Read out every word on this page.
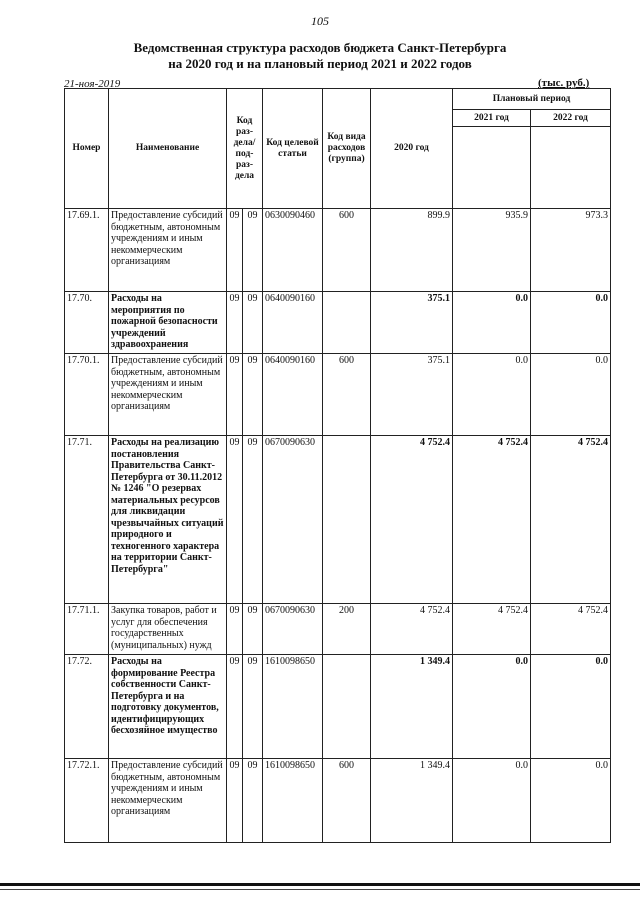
105
Ведомственная структура расходов бюджета Санкт-Петербурга
на 2020 год и на плановый период 2021 и 2022 годов
21-ноя-2019	(тыс. руб.)
Номер	Наименование	Код раз-дела/ под-раз-дела		Код целевой статьи	Код вида расходов (группа)	2020 год	Плановый период	
							2021 год	2022 год

17.69.1.	Предоставление субсидий бюджетным, автономным учреждениям и иным некоммерческим организациям	09	09	0630090460	600	899.9	935.9	973.3
17.70.	Расходы на мероприятия по пожарной безопасности учреждений здравоохранения	09	09	0640090160		375.1	0.0	0.0
17.70.1.	Предоставление субсидий бюджетным, автономным учреждениям и иным некоммерческим организациям	09	09	0640090160	600	375.1	0.0	0.0
17.71.	Расходы на реализацию постановления Правительства Санкт-Петербурга от 30.11.2012 № 1246 "О резервах материальных ресурсов для ликвидации чрезвычайных ситуаций природного и техногенного характера на территории Санкт-Петербурга"	09	09	0670090630		4 752.4	4 752.4	4 752.4
17.71.1.	Закупка товаров, работ и услуг для обеспечения государственных (муниципальных) нужд	09	09	0670090630	200	4 752.4	4 752.4	4 752.4
17.72.	Расходы на формирование Реестра собственности Санкт-Петербурга и на подготовку документов, идентифицирующих бесхозяйное имущество	09	09	1610098650		1 349.4	0.0	0.0
17.72.1.	Предоставление субсидий бюджетным, автономным учреждениям и иным некоммерческим организациям	09	09	1610098650	600	1 349.4	0.0	0.0
